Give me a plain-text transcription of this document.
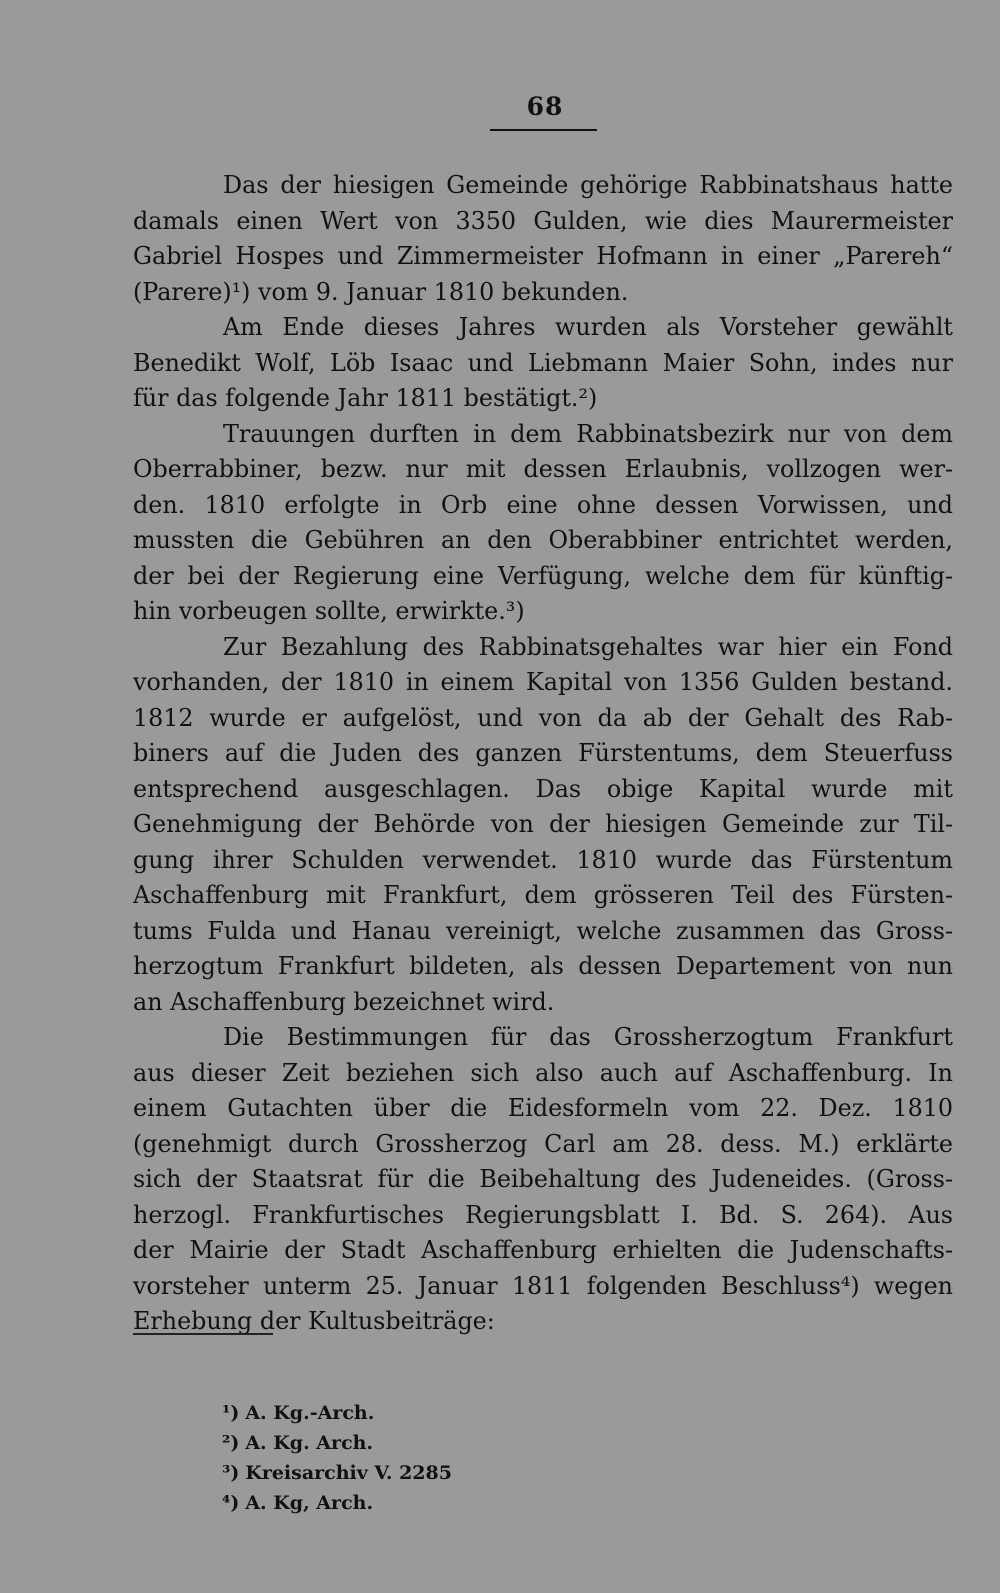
68
Das der hiesigen Gemeinde gehörige Rabbinatshaus hatte
damals einen Wert von 3350 Gulden, wie dies Maurermeister
Gabriel Hospes und Zimmermeister Hofmann in einer „Parereh“
(Parere)¹) vom 9. Januar 1810 bekunden.
Am Ende dieses Jahres wurden als Vorsteher gewählt
Benedikt Wolf, Löb Isaac und Liebmann Maier Sohn, indes nur
für das folgende Jahr 1811 bestätigt.²)
Trauungen durften in dem Rabbinatsbezirk nur von dem
Oberrabbiner, bezw. nur mit dessen Erlaubnis, vollzogen wer-
den. 1810 erfolgte in Orb eine ohne dessen Vorwissen, und
mussten die Gebühren an den Oberabbiner entrichtet werden,
der bei der Regierung eine Verfügung, welche dem für künftig-
hin vorbeugen sollte, erwirkte.³)
Zur Bezahlung des Rabbinatsgehaltes war hier ein Fond
vorhanden, der 1810 in einem Kapital von 1356 Gulden bestand.
1812 wurde er aufgelöst, und von da ab der Gehalt des Rab-
biners auf die Juden des ganzen Fürstentums, dem Steuerfuss
entsprechend ausgeschlagen. Das obige Kapital wurde mit
Genehmigung der Behörde von der hiesigen Gemeinde zur Til-
gung ihrer Schulden verwendet. 1810 wurde das Fürstentum
Aschaffenburg mit Frankfurt, dem grösseren Teil des Fürsten-
tums Fulda und Hanau vereinigt, welche zusammen das Gross-
herzogtum Frankfurt bildeten, als dessen Departement von nun
an Aschaffenburg bezeichnet wird.
Die Bestimmungen für das Grossherzogtum Frankfurt
aus dieser Zeit beziehen sich also auch auf Aschaffenburg. In
einem Gutachten über die Eidesformeln vom 22. Dez. 1810
(genehmigt durch Grossherzog Carl am 28. dess. M.) erklärte
sich der Staatsrat für die Beibehaltung des Judeneides. (Gross-
herzogl. Frankfurtisches Regierungsblatt I. Bd. S. 264). Aus
der Mairie der Stadt Aschaffenburg erhielten die Judenschafts-
vorsteher unterm 25. Januar 1811 folgenden Beschluss⁴) wegen
Erhebung der Kultusbeiträge:
¹) A. Kg.-Arch.
²) A. Kg. Arch.
³) Kreisarchiv V. 2285
⁴) A. Kg, Arch.
